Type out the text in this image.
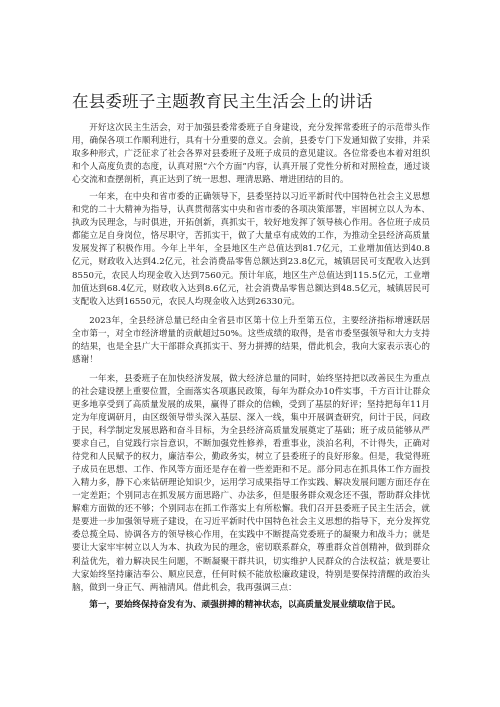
在县委班子主题教育民主生活会上的讲话

开好这次民主生活会，对于加强县委常委班子自身建设，充分发挥常委班子的示范带头作用，确保各项工作顺利进行，具有十分重要的意义。会前，县委专门下发通知做了安排，并采取多种形式，广泛征求了社会各界对县委班子及班子成员的意见建议。各位常委也本着对组织和个人高度负责的态度，认真对照“六个方面”内容，认真开展了党性分析和对照检查，通过谈心交流和查摆剖析，真正达到了统一思想、理清思路、增进团结的目的。

一年来，在中央和省市委的正确领导下，县委坚持以习近平新时代中国特色社会主义思想和党的二十大精神为指导，认真贯彻落实中央和省市委的各项决策部署，牢固树立以人为本、执政为民理念，与时俱进，开拓创新，真抓实干，较好地发挥了领导核心作用。各位班子成员都能立足自身岗位，恪尽职守，苦抓实干，做了大量卓有成效的工作，为推动全县经济高质量发展发挥了积极作用。今年上半年，全县地区生产总值达到81.7亿元，工业增加值达到40.8亿元，财政收入达到4.2亿元，社会消费品零售总额达到23.8亿元，城镇居民可支配收入达到8550元，农民人均现金收入达到7560元。预计年底，地区生产总值达到115.5亿元，工业增加值达到68.4亿元，财政收入达到8.6亿元，社会消费品零售总额达到48.5亿元，城镇居民可支配收入达到16550元，农民人均现金收入达到26330元。

2023年，全县经济总量已经由全省县市区第十位上升至第五位，主要经济指标增速跃居全市第一，对全市经济增量的贡献超过50%。这些成绩的取得，是省市委坚强领导和大力支持的结果，也是全县广大干部群众真抓实干、努力拼搏的结果，借此机会，我向大家表示衷心的感谢！

一年来，县委班子在加快经济发展，做大经济总量的同时，始终坚持把以改善民生为重点的社会建设摆上重要位置，全面落实各项惠民政策，每年为群众办10件实事，千方百计让群众更多地享受到了高质量发展的成果，赢得了群众的信赖，受到了基层的好评；坚持把每年11月定为年度调研月，由区级领导带头深入基层、深入一线，集中开展调查研究，问计于民，问政于民，科学制定发展思路和奋斗目标，为全县经济高质量发展奠定了基础；班子成员能够从严要求自己，自觉践行宗旨意识，不断加强党性修养，看重事业，淡泊名利，不计得失，正确对待党和人民赋予的权力，廉洁奉公，勤政务实，树立了县委班子的良好形象。但是，我觉得班子成员在思想、工作、作风等方面还是存在着一些差距和不足。部分同志在抓具体工作方面投入精力多，静下心来钻研理论知识少，运用学习成果指导工作实践、解决发展问题方面还存在一定差距；个别同志在抓发展方面思路广、办法多，但是服务群众观念还不强，帮助群众排忧解难方面做的还不够；个别同志在抓工作落实上有所松懈。我们召开县委班子民主生活会，就是要进一步加强领导班子建设，在习近平新时代中国特色社会主义思想的指导下，充分发挥党委总揽全局、协调各方的领导核心作用，在实践中不断提高党委班子的凝聚力和战斗力；就是要让大家牢牢树立以人为本、执政为民的理念，密切联系群众，尊重群众首创精神，做到群众利益优先，着力解决民生问题，不断凝聚干群共识，切实维护人民群众的合法权益；就是要让大家始终坚持廉洁奉公、顺应民意，任何时候不能放松廉政建设，特别是要保持清醒的政治头脑，做到一身正气、两袖清风。借此机会，我再强调三点：

第一，要始终保持奋发有为、顽强拼搏的精神状态，以高质量发展业绩取信于民。
